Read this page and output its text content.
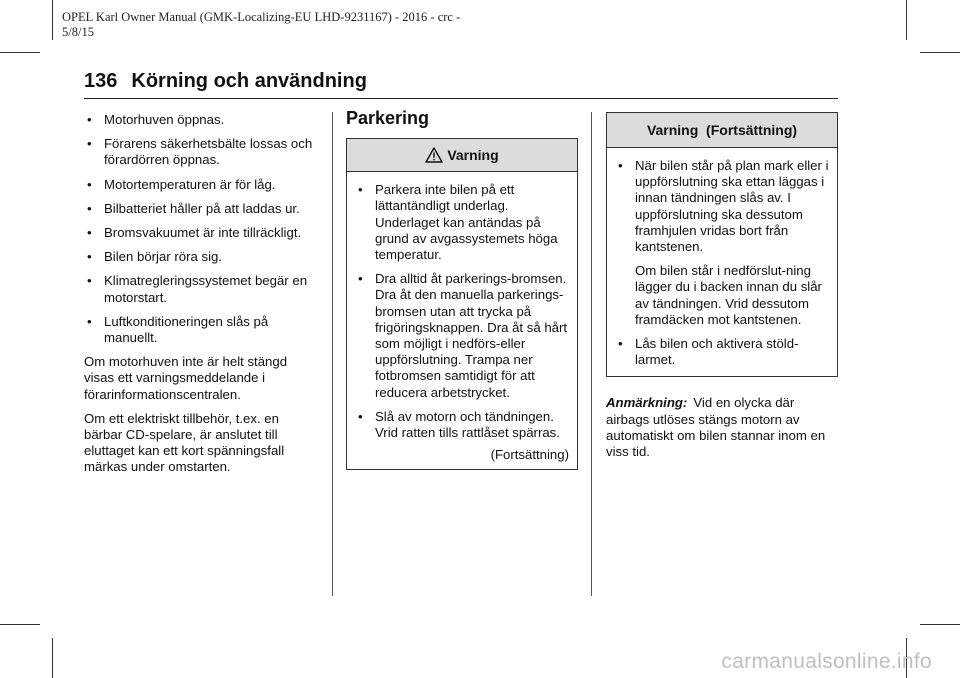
OPEL Karl Owner Manual (GMK-Localizing-EU LHD-9231167) - 2016 - crc -
5/8/15
136 Körning och användning
• Motorhuven öppnas.
• Förarens säkerhetsbälte lossas och förardörren öppnas.
• Motortemperaturen är för låg.
• Bilbatteriet håller på att laddas ur.
• Bromsvakuumet är inte tillräckligt.
• Bilen börjar röra sig.
• Klimatregleringssystemet begär en motorstart.
• Luftkonditioneringen slås på manuellt.

Om motorhuven inte är helt stängd visas ett varningsmeddelande i förarinformationscentralen.

Om ett elektriskt tillbehör, t.ex. en bärbar CD-spelare, är anslutet till eluttaget kan ett kort spänningsfall märkas under omstarten.

Parkering
Varning
• Parkera inte bilen på ett lättantändligt underlag. Underlaget kan antändas på grund av avgassystemets höga temperatur.
• Dra alltid åt parkerings-bromsen. Dra åt den manuella parkerings-bromsen utan att trycka på frigöringsknappen. Dra åt så hårt som möjligt i nedförs-eller uppförslutning. Trampa ner fotbromsen samtidigt för att reducera arbetstrycket.
• Slå av motorn och tändningen. Vrid ratten tills rattlåset spärras.
(Fortsättning)
Varning  (Fortsättning)
• När bilen står på plan mark eller i uppförslutning ska ettan läggas i innan tändningen slås av. I uppförslutning ska dessutom framhjulen vridas bort från kantstenen.
Om bilen står i nedförslut-ning lägger du i backen innan du slår av tändningen. Vrid dessutom framdäcken mot kantstenen.
• Lås bilen och aktivera stöld-larmet.

Anmärkning: Vid en olycka där airbags utlöses stängs motorn av automatiskt om bilen stannar inom en viss tid.

carmanualsonline.info
